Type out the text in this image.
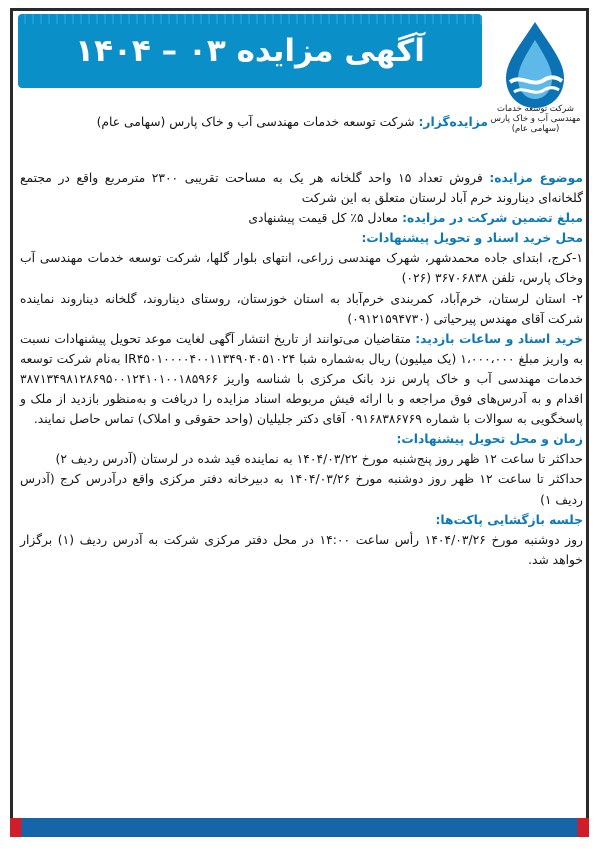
آگهی مزایده ۰۳ – ۱۴۰۴
شرکت توسعه خدمات
مهندسی آب و خاک پارس
(سهامی عام)

مزایده‌گزار: شرکت توسعه خدمات مهندسی آب و خاک پارس (سهامی عام)

موضوع مزایده: فروش تعداد ۱۵ واحد گلخانه هر یک به مساحت تقریبی ۲۳۰۰ مترمربع واقع در مجتمع گلخانه‌ای دیناروند خرم آباد لرستان متعلق به این شرکت

مبلغ تضمین شرکت در مزایده: معادل ۵٪ کل قیمت پیشنهادی

محل خرید اسناد و تحویل پیشنهادات:

۱-کرج، ابتدای جاده محمدشهر، شهرک مهندسی زراعی، انتهای بلوار گلها، شرکت توسعه خدمات مهندسی آب وخاک پارس، تلفن ۳۶۷۰۶۸۳۸ (۰۲۶)

۲- استان لرستان، خرم‌آباد، کمربندی خرم‌آباد به استان خوزستان، روستای دیناروند، گلخانه دیناروند نماینده شرکت آقای مهندس پیرحیاتی (۰۹۱۲۱۵۹۴۷۳۰)

خرید اسناد و ساعات بازدید: متقاضیان می‌توانند از تاریخ انتشار آگهی لغایت موعد تحویل پیشنهادات نسبت به واریز مبلغ ۱،۰۰۰،۰۰۰ (یک میلیون) ریال به‌شماره شبا IR۴۵۰۱۰۰۰۰۴۰۰۱۱۳۴۹۰۴۰۵۱۰۲۴ به‌نام شرکت توسعه خدمات مهندسی آب و خاک پارس نزد بانک مرکزی با شناسه واریز ۳۸۷۱۳۴۹۸۱۲۸۶۹۵۰۰۱۲۴۱۰۱۰۰۱۸۵۹۶۶ اقدام و به آدرس‌های فوق مراجعه و با ارائه فیش مربوطه اسناد مزایده را دریافت و به‌منظور بازدید از ملک و پاسخگویی به سوالات با شماره ۰۹۱۶۸۳۸۶۷۶۹ آقای دکتر جلیلیان (واحد حقوقی و املاک) تماس حاصل نمایند.

زمان و محل تحویل پیشنهادات:

حداکثر تا ساعت ۱۲ ظهر روز پنج‌شنبه مورخ ۱۴۰۴/۰۳/۲۲ به نماینده قید شده در لرستان (آدرس ردیف ۲)

حداکثر تا ساعت ۱۲ ظهر روز دوشنبه مورخ ۱۴۰۴/۰۳/۲۶ به دبیرخانه دفتر مرکزی واقع درآدرس کرج (آدرس ردیف ۱)

جلسه بازگشایی پاکت‌ها:

روز دوشنبه مورخ ۱۴۰۴/۰۳/۲۶ رأس ساعت ۱۴:۰۰ در محل دفتر مرکزی شرکت به آدرس ردیف (۱) برگزار خواهد شد.
